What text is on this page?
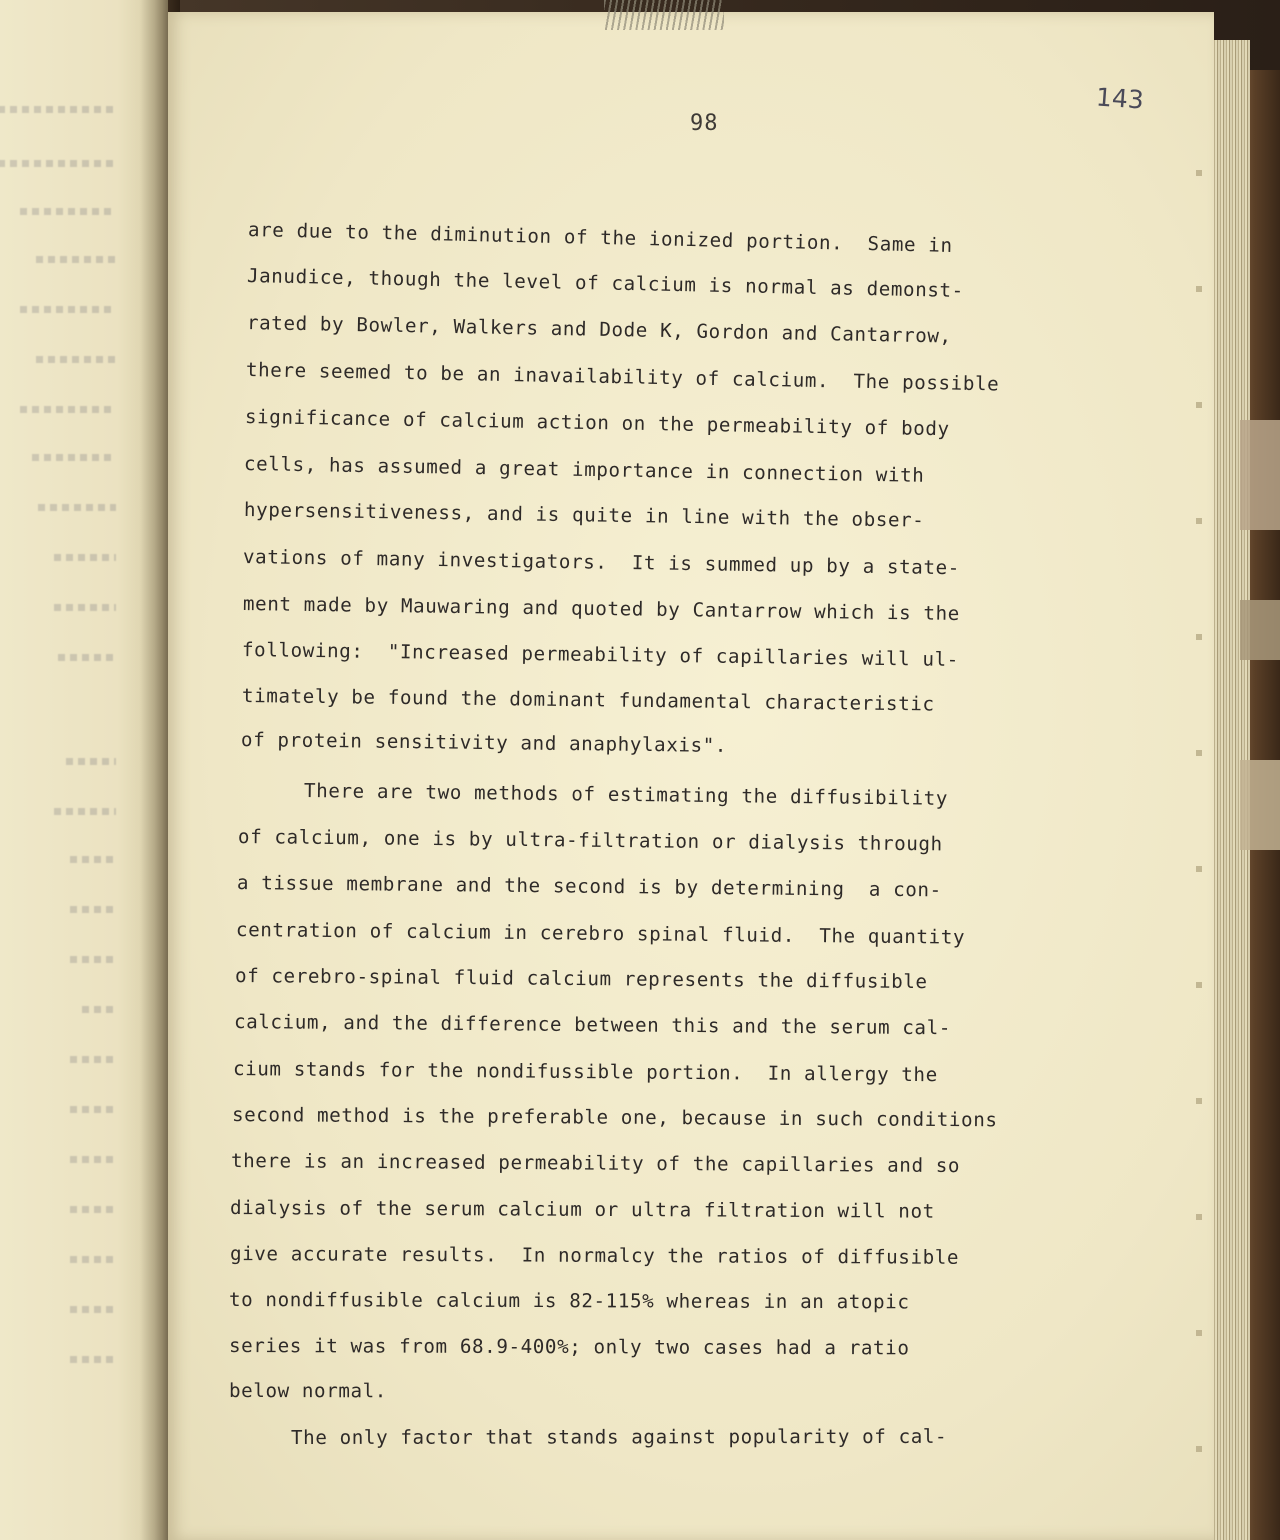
98
143
are due to the diminution of the ionized portion.  Same in
Janudice, though the level of calcium is normal as demonst-
rated by Bowler, Walkers and Dode K, Gordon and Cantarrow,
there seemed to be an inavailability of calcium.  The possible
significance of calcium action on the permeability of body
cells, has assumed a great importance in connection with
hypersensitiveness, and is quite in line with the obser-
vations of many investigators.  It is summed up by a state-
ment made by Mauwaring and quoted by Cantarrow which is the
following:  "Increased permeability of capillaries will ul-
timately be found the dominant fundamental characteristic
of protein sensitivity and anaphylaxis".
There are two methods of estimating the diffusibility
of calcium, one is by ultra-filtration or dialysis through
a tissue membrane and the second is by determining  a con-
centration of calcium in cerebro spinal fluid.  The quantity
of cerebro-spinal fluid calcium represents the diffusible
calcium, and the difference between this and the serum cal-
cium stands for the nondifussible portion.  In allergy the
second method is the preferable one, because in such conditions
there is an increased permeability of the capillaries and so
dialysis of the serum calcium or ultra filtration will not
give accurate results.  In normalcy the ratios of diffusible
to nondiffusible calcium is 82-115% whereas in an atopic
series it was from 68.9-400%; only two cases had a ratio
below normal.
The only factor that stands against popularity of cal-
